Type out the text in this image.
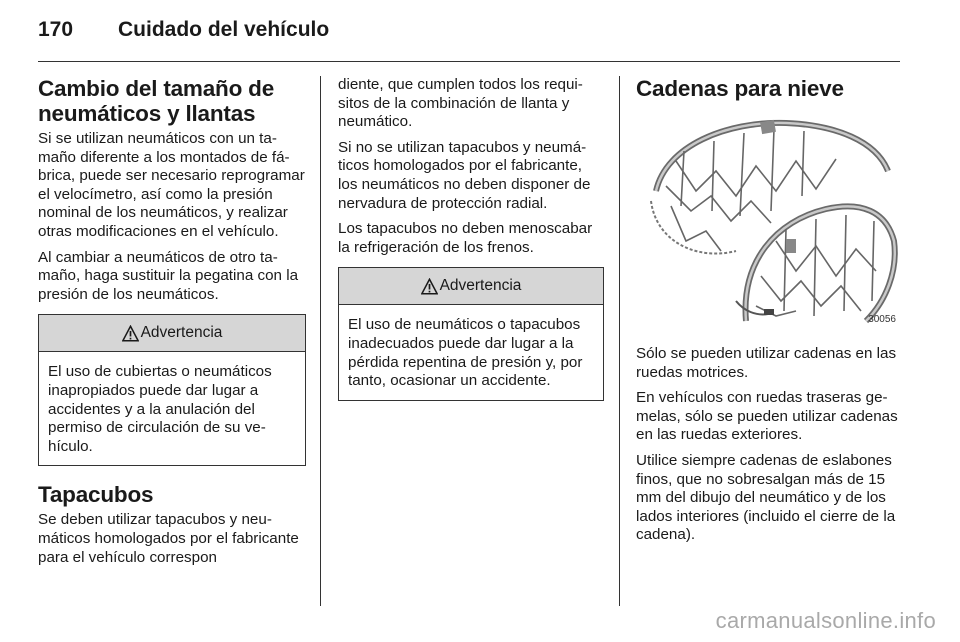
170 Cuidado del vehículo
Cambio del tamaño de neumáticos y llantas

Si se utilizan neumáticos con un tamaño diferente a los montados de fábrica, puede ser necesario reprogramar el velocímetro, así como la presión nominal de los neumáticos, y realizar otras modificaciones en el vehículo.

Al cambiar a neumáticos de otro tamaño, haga sustituir la pegatina con la presión de los neumáticos.

Advertencia
El uso de cubiertas o neumáticos inapropiados puede dar lugar a accidentes y a la anulación del permiso de circulación de su vehículo.
Tapacubos

Se deben utilizar tapacubos y neumáticos homologados por el fabricante para el vehículo correspon

diente, que cumplen todos los requisitos de la combinación de llanta y neumático.

Si no se utilizan tapacubos y neumáticos homologados por el fabricante, los neumáticos no deben disponer de nervadura de protección radial.

Los tapacubos no deben menoscabar la refrigeración de los frenos.

Advertencia
El uso de neumáticos o tapacubos inadecuados puede dar lugar a la pérdida repentina de presión y, por tanto, ocasionar un accidente.
Cadenas para nieve
30056

Sólo se pueden utilizar cadenas en las ruedas motrices.

En vehículos con ruedas traseras gemelas, sólo se pueden utilizar cadenas en las ruedas exteriores.

Utilice siempre cadenas de eslabones finos, que no sobresalgan más de 15 mm del dibujo del neumático y de los lados interiores (incluido el cierre de la cadena).

carmanualsonline.info
